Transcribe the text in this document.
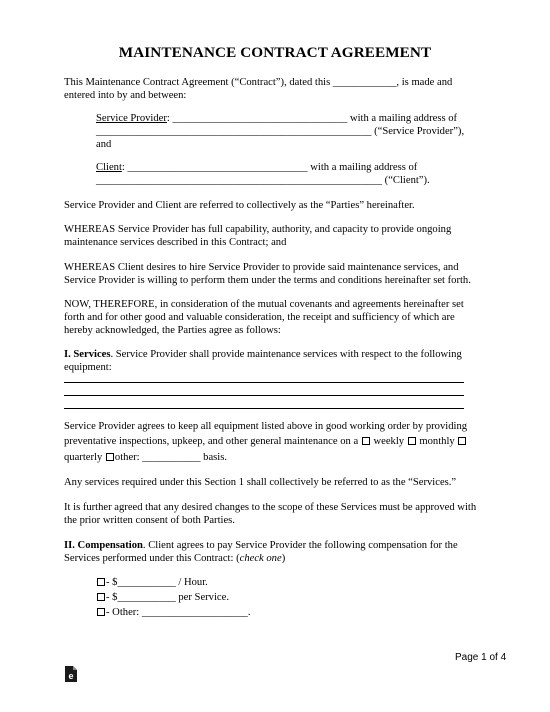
MAINTENANCE CONTRACT AGREEMENT
This Maintenance Contract Agreement (“Contract”), dated this ____________, is made and
entered into by and between:
Service Provider: _________________________________ with a mailing address of
____________________________________________________ (“Service Provider”),
and
Client: __________________________________ with a mailing address of
______________________________________________________ (“Client”).
Service Provider and Client are referred to collectively as the “Parties” hereinafter.
WHEREAS Service Provider has full capability, authority, and capacity to provide ongoing
maintenance services described in this Contract; and
WHEREAS Client desires to hire Service Provider to provide said maintenance services, and
Service Provider is willing to perform them under the terms and conditions hereinafter set forth.
NOW, THEREFORE, in consideration of the mutual covenants and agreements hereinafter set
forth and for other good and valuable consideration, the receipt and sufficiency of which are
hereby acknowledged, the Parties agree as follows:
I. Services. Service Provider shall provide maintenance services with respect to the following
equipment:
Service Provider agrees to keep all equipment listed above in good working order by providing
preventative inspections, upkeep, and other general maintenance on a weekly monthly
quarterly other: ___________ basis.
Any services required under this Section 1 shall collectively be referred to as the “Services.”
It is further agreed that any desired changes to the scope of these Services must be approved with
the prior written consent of both Parties.
II. Compensation. Client agrees to pay Service Provider the following compensation for the
Services performed under this Contract: (check one)
- $___________ / Hour.
- $___________ per Service.
- Other: ____________________.
Page 1 of 4
e
